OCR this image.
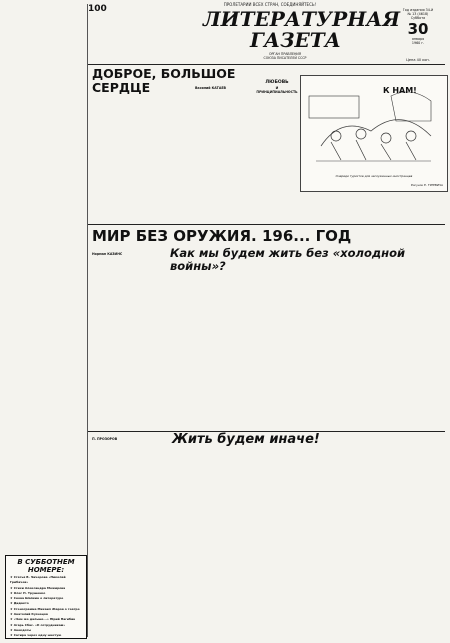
100

	ПРОЛЕТАРИИ ВСЕХ СТРАН, СОЕДИНЯЙТЕСЬ!
ЛИТЕРАТУРНАЯ
ГАЗЕТА
ОРГАН ПРАВЛЕНИЯ
СОЮЗА ПИСАТЕЛЕЙ СССР
Год издания 34-й
№ 13 (4618)
Суббота
30
января
1960 г.
Цена 40 коп.
ДОБРОЕ, БОЛЬШОЕ СЕРДЦЕ	Василий КАТАЕВ
ЛЮБОВЬ
И ПРИНЦИПИАЛЬНОСТЬ	К НАМ!
Очереди туристов для заслуженных иностранцев
Рисунок Е. ГУРЕВИЧА
МИР БЕЗ ОРУЖИЯ. 196... ГОД
Как мы будем жить без «холодной войны»?
Норман КАЗИНС
П. ПРОЗОРОВ	Жить будем иначе!
В СУББОТНЕМ НОМЕРЕ:
★ Статья В. Чичерова «Николай Грибачев»
★ Стихи Александра Межирова
★ Олег Н. Трушенко
★ Снова Шапкин о литературе
★ Дидакто
★ Стенограмма Михаил Жаров о театре
★ Анатолий Кузнецов
★ «Чем же дальше...» Юрий Нагибин
★ Агарь Сбас. «К сотрудникам»
★ Анекдоты
★ Сатира через одну шестую
